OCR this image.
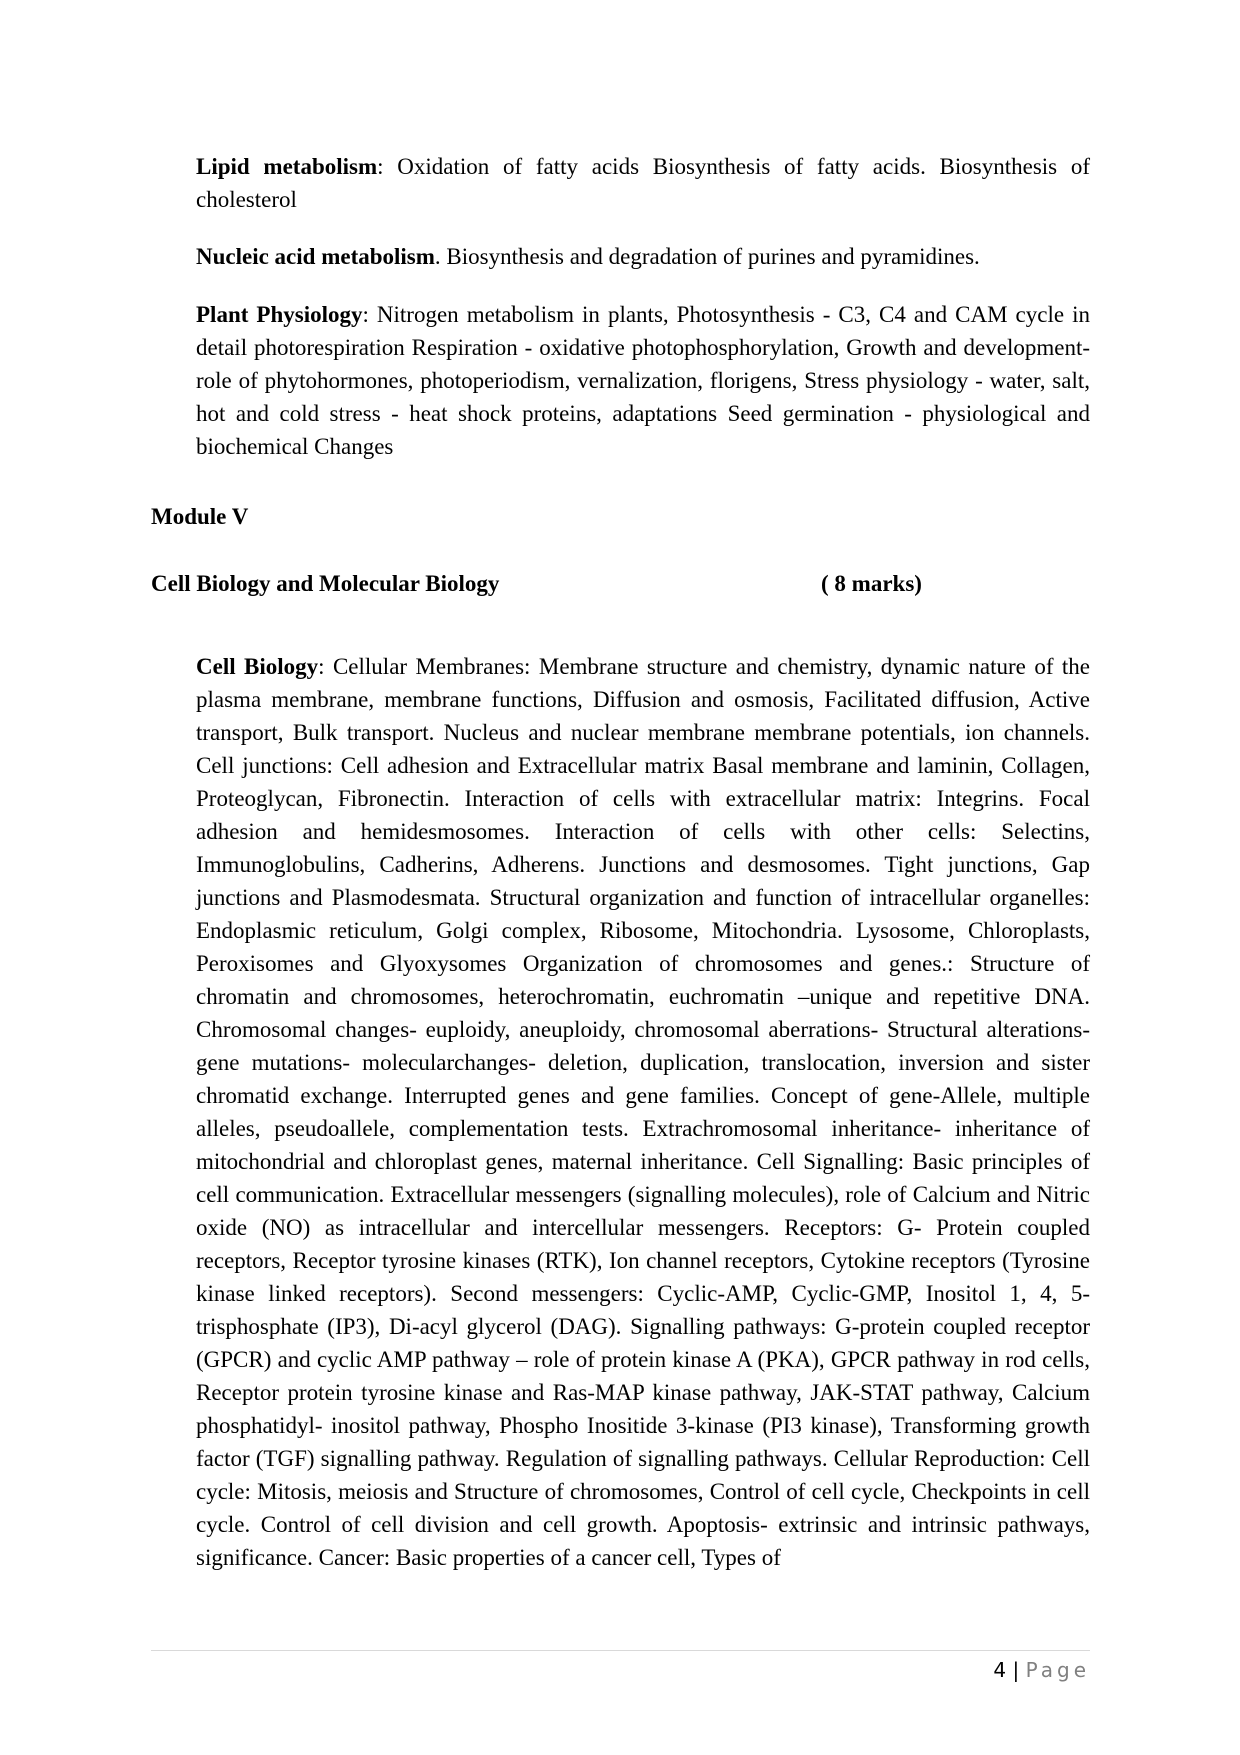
Lipid metabolism: Oxidation of fatty acids Biosynthesis of fatty acids. Biosynthesis of cholesterol

Nucleic acid metabolism. Biosynthesis and degradation of purines and pyramidines.

Plant Physiology: Nitrogen metabolism in plants, Photosynthesis - C3, C4 and CAM cycle in detail photorespiration Respiration - oxidative photophosphorylation, Growth and development- role of phytohormones, photoperiodism, vernalization, florigens, Stress physiology - water, salt, hot and cold stress - heat shock proteins, adaptations Seed germination - physiological and biochemical Changes

Module V

Cell Biology and Molecular Biology	( 8 marks)

Cell Biology: Cellular Membranes: Membrane structure and chemistry, dynamic nature of the plasma membrane, membrane functions, Diffusion and osmosis, Facilitated diffusion, Active transport, Bulk transport. Nucleus and nuclear membrane membrane potentials, ion channels. Cell junctions: Cell adhesion and Extracellular matrix Basal membrane and laminin, Collagen, Proteoglycan, Fibronectin. Interaction of cells with extracellular matrix: Integrins. Focal adhesion and hemidesmosomes. Interaction of cells with other cells: Selectins, Immunoglobulins, Cadherins, Adherens. Junctions and desmosomes. Tight junctions, Gap junctions and Plasmodesmata. Structural organization and function of intracellular organelles: Endoplasmic reticulum, Golgi complex, Ribosome, Mitochondria. Lysosome, Chloroplasts, Peroxisomes and Glyoxysomes Organization of chromosomes and genes.: Structure of chromatin and chromosomes, heterochromatin, euchromatin –unique and repetitive DNA. Chromosomal changes- euploidy, aneuploidy, chromosomal aberrations- Structural alterations-gene mutations- molecularchanges- deletion, duplication, translocation, inversion and sister chromatid exchange. Interrupted genes and gene families. Concept of gene-Allele, multiple alleles, pseudoallele, complementation tests. Extrachromosomal inheritance- inheritance of mitochondrial and chloroplast genes, maternal inheritance. Cell Signalling: Basic principles of cell communication. Extracellular messengers (signalling molecules), role of Calcium and Nitric oxide (NO) as intracellular and intercellular messengers. Receptors: G- Protein coupled receptors, Receptor tyrosine kinases (RTK), Ion channel receptors, Cytokine receptors (Tyrosine kinase linked receptors). Second messengers: Cyclic-AMP, Cyclic-GMP, Inositol 1, 4, 5-trisphosphate (IP3), Di-acyl glycerol (DAG). Signalling pathways: G-protein coupled receptor (GPCR) and cyclic AMP pathway – role of protein kinase A (PKA), GPCR pathway in rod cells, Receptor protein tyrosine kinase and Ras-MAP kinase pathway, JAK-STAT pathway, Calcium phosphatidyl- inositol pathway, Phospho Inositide 3-kinase (PI3 kinase), Transforming growth factor (TGF) signalling pathway. Regulation of signalling pathways. Cellular Reproduction: Cell cycle: Mitosis, meiosis and Structure of chromosomes, Control of cell cycle, Checkpoints in cell cycle. Control of cell division and cell growth. Apoptosis- extrinsic and intrinsic pathways, significance. Cancer: Basic properties of a cancer cell, Types of

4 | Page
